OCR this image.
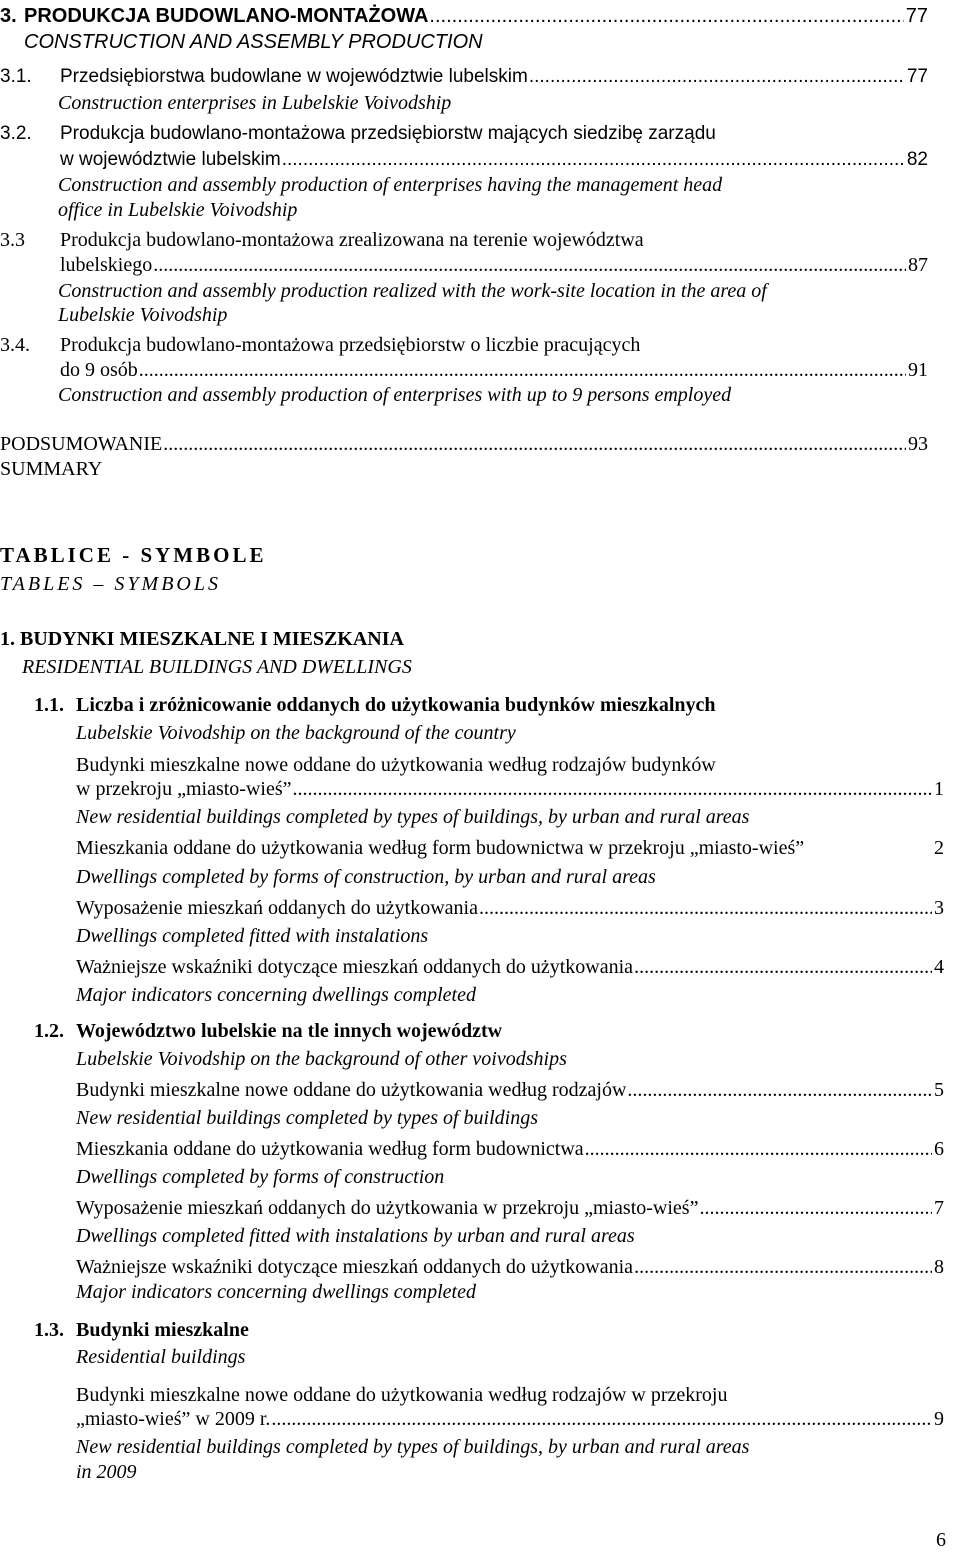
3. PRODUKCJA BUDOWLANO-MONTAŻOWA .....	77
CONSTRUCTION AND ASSEMBLY PRODUCTION
3.1. Przedsiębiorstwa budowlane w województwie lubelskim .....	77
Construction enterprises in Lubelskie Voivodship
3.2. Produkcja budowlano-montażowa przedsiębiorstw mających siedzibę zarządu
w województwie lubelskim .....	82
Construction and assembly production of enterprises having the management head
office in Lubelskie Voivodship
3.3 Produkcja budowlano-montażowa zrealizowana na terenie województwa
lubelskiego .....	87
Construction and assembly production realized with the work-site location in the area of
Lubelskie Voivodship
3.4. Produkcja budowlano-montażowa przedsiębiorstw o liczbie pracujących
do 9 osób .....	91
Construction and assembly production of enterprises with up to 9 persons employed
PODSUMOWANIE .....	93
SUMMARY
TABLICE - SYMBOLE
TABLES – SYMBOLS
1. BUDYNKI MIESZKALNE I MIESZKANIA
RESIDENTIAL BUILDINGS AND DWELLINGS
1.1. Liczba i zróżnicowanie oddanych do użytkowania budynków mieszkalnych
Lubelskie Voivodship on the background of the country
Budynki mieszkalne nowe oddane do użytkowania według rodzajów budynków
w przekroju „miasto-wieś” .....	1
New residential buildings completed by types of buildings, by urban and rural areas
Mieszkania oddane do użytkowania według form budownictwa w przekroju „miasto-wieś”	2
Dwellings completed by forms of construction, by urban and rural areas
Wyposażenie mieszkań oddanych do użytkowania .....	3
Dwellings completed fitted with instalations
Ważniejsze wskaźniki dotyczące mieszkań oddanych do użytkowania .....	4
Major indicators concerning dwellings completed
1.2. Województwo lubelskie na tle innych województw
Lubelskie Voivodship on the background of other voivodships
Budynki mieszkalne nowe oddane do użytkowania według rodzajów .....	5
New residential buildings completed by types of buildings
Mieszkania oddane do użytkowania według form budownictwa .....	6
Dwellings completed by forms of construction
Wyposażenie mieszkań oddanych do użytkowania w przekroju „miasto-wieś” .....	7
Dwellings completed fitted with instalations by urban and rural areas
Ważniejsze wskaźniki dotyczące mieszkań oddanych do użytkowania .....	8
Major indicators concerning dwellings completed
1.3. Budynki mieszkalne
Residential buildings
Budynki mieszkalne nowe oddane do użytkowania według rodzajów w przekroju
„miasto-wieś” w 2009 r. .....	9
New residential buildings completed by types of buildings, by urban and rural areas
in 2009
6
